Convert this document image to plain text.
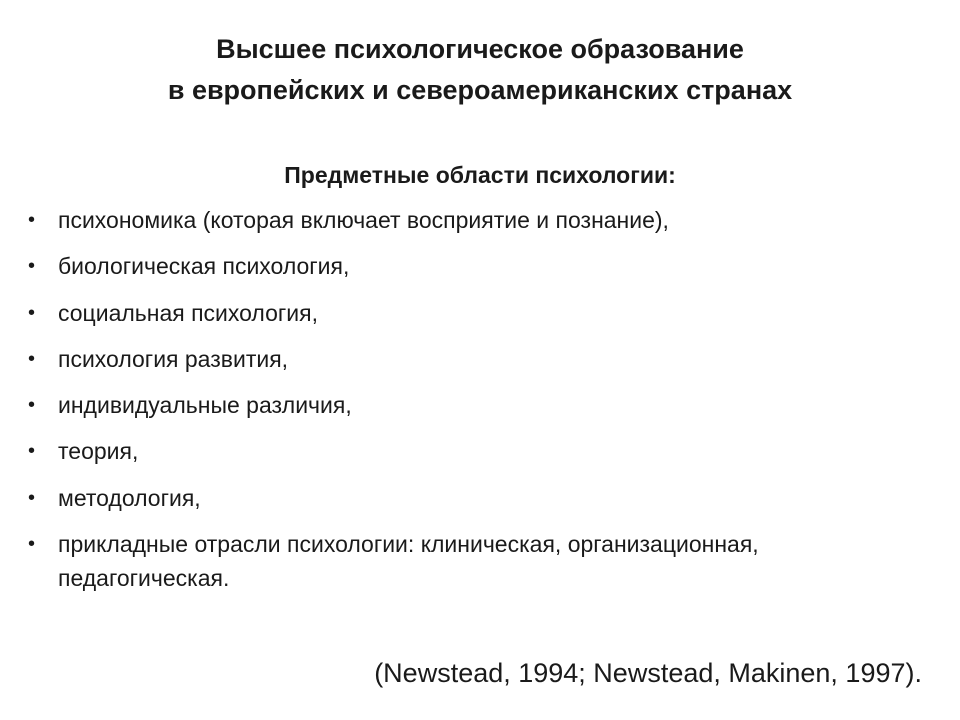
Высшее психологическое образование
в европейских и североамериканских странах
Предметные области психологии:
• психономика (которая включает восприятие и познание),
• биологическая психология,
• социальная психология,
• психология развития,
• индивидуальные различия,
• теория,
• методология,
• прикладные отрасли психологии: клиническая, организационная, педагогическая.

(Newstead, 1994; Newstead, Makinen, 1997).
